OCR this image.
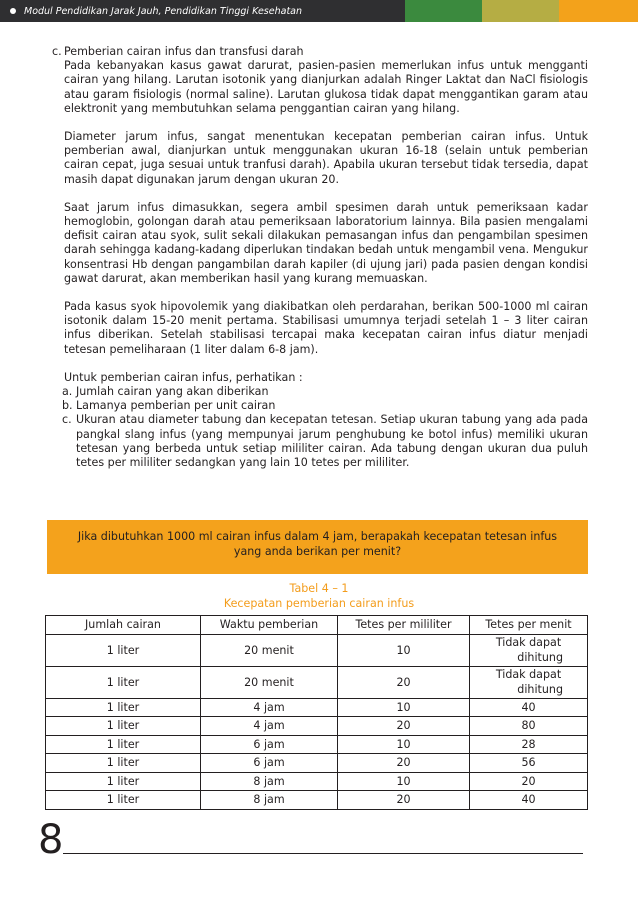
Modul Pendidikan Jarak Jauh, Pendidikan Tinggi Kesehatan
c. Pemberian cairan infus dan transfusi darah
Pada kebanyakan kasus gawat darurat, pasien-pasien memerlukan infus untuk mengganti cairan yang hilang. Larutan isotonik yang dianjurkan adalah Ringer Laktat dan NaCl fisiologis atau garam fisiologis (normal saline). Larutan glukosa tidak dapat menggantikan garam atau elektronit yang membutuhkan selama penggantian cairan yang hilang.
Diameter jarum infus, sangat menentukan kecepatan pemberian cairan infus. Untuk pemberian awal, dianjurkan untuk menggunakan ukuran 16-18 (selain untuk pemberian cairan cepat, juga sesuai untuk tranfusi darah). Apabila ukuran tersebut tidak tersedia, dapat masih dapat digunakan jarum dengan ukuran 20.
Saat jarum infus dimasukkan, segera ambil spesimen darah untuk pemeriksaan kadar hemoglobin, golongan darah atau pemeriksaan laboratorium lainnya. Bila pasien mengalami defisit cairan atau syok, sulit sekali dilakukan pemasangan infus dan pengambilan spesimen darah sehingga kadang-kadang diperlukan tindakan bedah untuk mengambil vena. Mengukur konsentrasi Hb dengan pangambilan darah kapiler (di ujung jari) pada pasien dengan kondisi gawat darurat, akan memberikan hasil yang kurang memuaskan.
Pada kasus syok hipovolemik yang diakibatkan oleh perdarahan, berikan 500-1000 ml cairan isotonik dalam 15-20 menit pertama. Stabilisasi umumnya terjadi setelah 1 – 3 liter cairan infus diberikan. Setelah stabilisasi tercapai maka kecepatan cairan infus diatur menjadi tetesan pemeliharaan (1 liter dalam 6-8 jam).
Untuk pemberian cairan infus, perhatikan :
a. Jumlah cairan yang akan diberikan
b. Lamanya pemberian per unit cairan
c. Ukuran atau diameter tabung dan kecepatan tetesan. Setiap ukuran tabung yang ada pada pangkal slang infus (yang mempunyai jarum penghubung ke botol infus) memiliki ukuran tetesan yang berbeda untuk setiap mililiter cairan. Ada tabung dengan ukuran dua puluh tetes per mililiter sedangkan yang lain 10 tetes per mililiter.
Jika dibutuhkan 1000 ml cairan infus dalam 4 jam, berapakah kecepatan tetesan infus yang anda berikan per menit?
Tabel 4 – 1
Kecepatan pemberian cairan infus
Jumlah cairan	Waktu pemberian	Tetes per mililiter	Tetes per menit
1 liter	20 menit	10	Tidak dapat
dihitung

1 liter	20 menit	20	Tidak dapat
dihitung

1 liter	4 jam	10	40
1 liter	4 jam	20	80
1 liter	6 jam	10	28
1 liter	6 jam	20	56
1 liter	8 jam	10	20
1 liter	8 jam	20	40
8
